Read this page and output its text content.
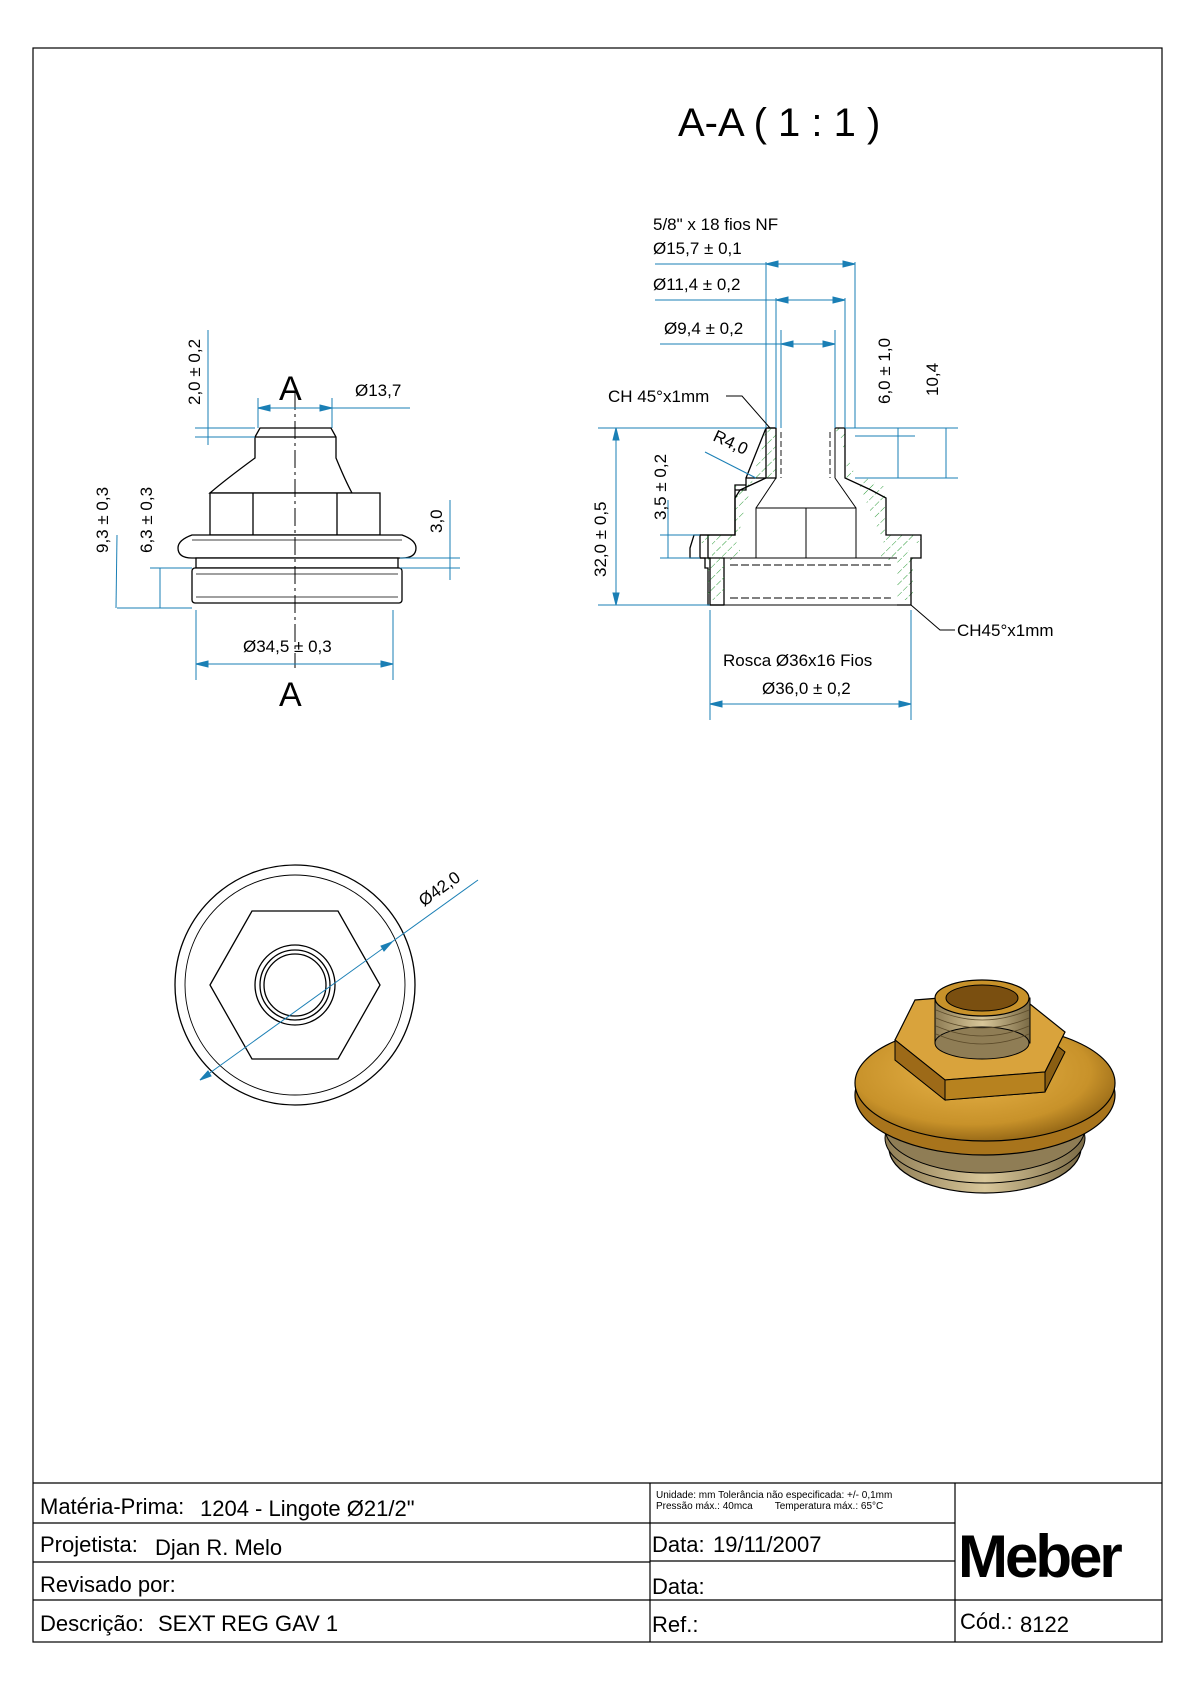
A-A ( 1 : 1 )
A
A
2,0 ± 0,2	Ø13,7
9,3 ± 0,3 6,3 ± 0,3	3,0
Ø34,5 ± 0,3
5/8" x 18 fios NF
Ø15,7 ± 0,1
Ø11,4 ± 0,2
Ø9,4 ± 0,2
6,0 ± 1,0 10,4
CH 45°x1mm
R4,0
3,5 ± 0,2
32,0 ± 0,5
CH45°x1mm
Rosca Ø36x16 Fios
Ø36,0 ± 0,2
Ø42,0
Matéria-Prima: 1204 - Lingote Ø21/2"
Projetista: Djan R. Melo
Revisado por:
Descrição: SEXT REG GAV 1
Unidade: mm Tolerância não especificada: +/- 0,1mm
Pressão máx.: 40mca        Temperatura máx.: 65°C
Data: 19/11/2007
Data:
Ref.:
Meber
Cód.: 8122
